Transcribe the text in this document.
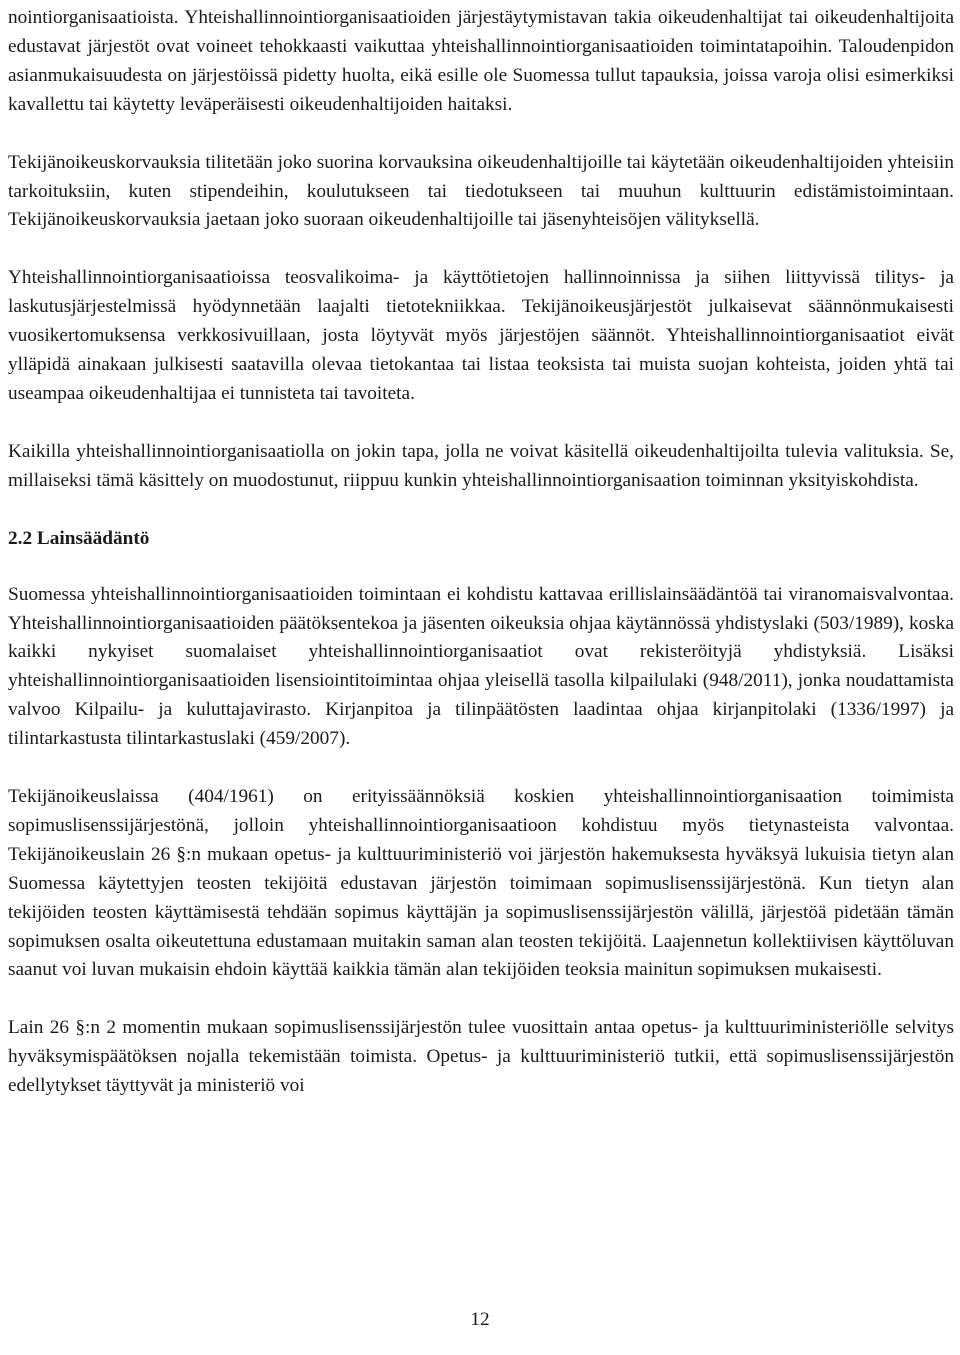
nointiorganisaatioista. Yhteishallinnointiorganisaatioiden järjestäytymistavan takia oikeudenhaltijat tai oikeudenhaltijoita edustavat järjestöt ovat voineet tehokkaasti vaikuttaa yhteishallinnointiorganisaatioiden toimintatapoihin. Taloudenpidon asianmukaisuudesta on järjestöissä pidetty huolta, eikä esille ole Suomessa tullut tapauksia, joissa varoja olisi esimerkiksi kavallettu tai käytetty leväperäisesti oikeudenhaltijoiden haitaksi.

Tekijänoikeuskorvauksia tilitetään joko suorina korvauksina oikeudenhaltijoille tai käytetään oikeudenhaltijoiden yhteisiin tarkoituksiin, kuten stipendeihin, koulutukseen tai tiedotukseen tai muuhun kulttuurin edistämistoimintaan. Tekijänoikeuskorvauksia jaetaan joko suoraan oikeudenhaltijoille tai jäsenyhteisöjen välityksellä.

Yhteishallinnointiorganisaatioissa teosvalikoima- ja käyttötietojen hallinnoinnissa ja siihen liittyvissä tilitys- ja laskutusjärjestelmissä hyödynnetään laajalti tietotekniikkaa. Tekijänoikeusjärjestöt julkaisevat säännönmukaisesti vuosikertomuksensa verkkosivuillaan, josta löytyvät myös järjestöjen säännöt. Yhteishallinnointiorganisaatiot eivät ylläpidä ainakaan julkisesti saatavilla olevaa tietokantaa tai listaa teoksista tai muista suojan kohteista, joiden yhtä tai useampaa oikeudenhaltijaa ei tunnisteta tai tavoiteta.

Kaikilla yhteishallinnointiorganisaatiolla on jokin tapa, jolla ne voivat käsitellä oikeudenhaltijoilta tulevia valituksia. Se, millaiseksi tämä käsittely on muodostunut, riippuu kunkin yhteishallinnointiorganisaation toiminnan yksityiskohdista.

2.2 Lainsäädäntö

Suomessa yhteishallinnointiorganisaatioiden toimintaan ei kohdistu kattavaa erillislainsäädäntöä tai viranomaisvalvontaa. Yhteishallinnointiorganisaatioiden päätöksentekoa ja jäsenten oikeuksia ohjaa käytännössä yhdistyslaki (503/1989), koska kaikki nykyiset suomalaiset yhteishallinnointiorganisaatiot ovat rekisteröityjä yhdistyksiä. Lisäksi yhteishallinnointiorganisaatioiden lisensiointitoimintaa ohjaa yleisellä tasolla kilpailulaki (948/2011), jonka noudattamista valvoo Kilpailu- ja kuluttajavirasto. Kirjanpitoa ja tilinpäätösten laadintaa ohjaa kirjanpitolaki (1336/1997) ja tilintarkastusta tilintarkastuslaki (459/2007).

Tekijänoikeuslaissa (404/1961) on erityissäännöksiä koskien yhteishallinnointiorganisaation toimimista sopimuslisenssijärjestönä, jolloin yhteishallinnointiorganisaatioon kohdistuu myös tietynasteista valvontaa. Tekijänoikeuslain 26 §:n mukaan opetus- ja kulttuuriministeriö voi järjestön hakemuksesta hyväksyä lukuisia tietyn alan Suomessa käytettyjen teosten tekijöitä edustavan järjestön toimimaan sopimuslisenssijärjestönä. Kun tietyn alan tekijöiden teosten käyttämisestä tehdään sopimus käyttäjän ja sopimuslisenssijärjestön välillä, järjestöä pidetään tämän sopimuksen osalta oikeutettuna edustamaan muitakin saman alan teosten tekijöitä. Laajennetun kollektiivisen käyttöluvan saanut voi luvan mukaisin ehdoin käyttää kaikkia tämän alan tekijöiden teoksia mainitun sopimuksen mukaisesti.

Lain 26 §:n 2 momentin mukaan sopimuslisenssijärjestön tulee vuosittain antaa opetus- ja kulttuuriministeriölle selvitys hyväksymispäätöksen nojalla tekemistään toimista. Opetus- ja kulttuuriministeriö tutkii, että sopimuslisenssijärjestön edellytykset täyttyvät ja ministeriö voi

12
